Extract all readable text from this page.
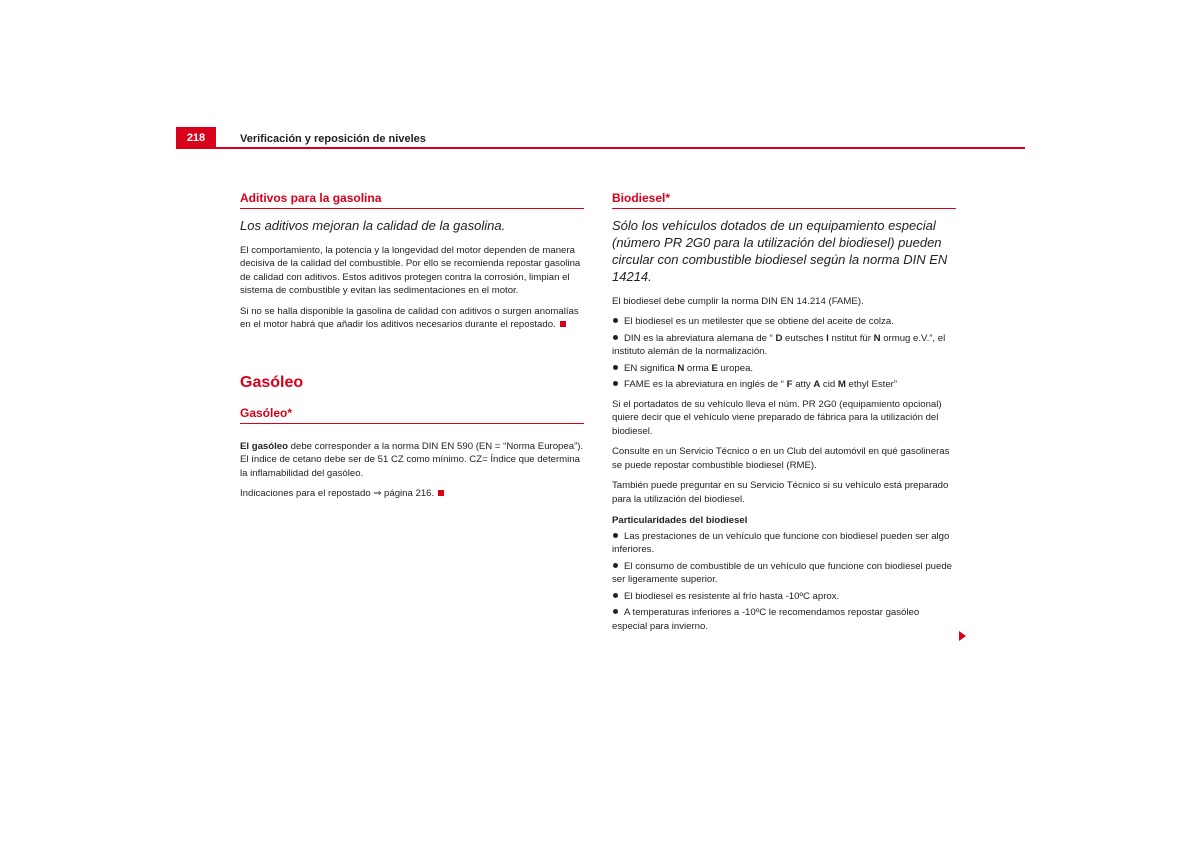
218	Verificación y reposición de niveles
Aditivos para la gasolina
Los aditivos mejoran la calidad de la gasolina.

El comportamiento, la potencia y la longevidad del motor dependen de manera decisiva de la calidad del combustible. Por ello se recomienda repostar gasolina de calidad con aditivos. Estos aditivos protegen contra la corrosión, limpian el sistema de combustible y evitan las sedimentaciones en el motor.

Si no se halla disponible la gasolina de calidad con aditivos o surgen anomalías en el motor habrá que añadir los aditivos necesarios durante el repostado.

Gasóleo
Gasóleo*

El gasóleo debe corresponder a la norma DIN EN 590 (EN = “Norma Europea”). El índice de cetano debe ser de 51 CZ como mínimo. CZ= Índice que determina la inflamabilidad del gasóleo.

Indicaciones para el repostado ⇒ página 216.

Biodiesel*
Sólo los vehículos dotados de un equipamiento especial (número PR 2G0 para la utilización del biodiesel) pueden circular con combustible biodiesel según la norma DIN EN 14214.

El biodiesel debe cumplir la norma DIN EN 14.214 (FAME).

El biodiesel es un metilester que se obtiene del aceite de colza.
DIN es la abreviatura alemana de “ D eutsches I nstitut für N ormug e.V.”, el instituto alemán de la normalización.
EN significa N orma E uropea.
FAME es la abreviatura en inglés de “ F atty A cid M ethyl Ester”

Si el portadatos de su vehículo lleva el núm. PR 2G0 (equipamiento opcional) quiere decir que el vehículo viene preparado de fábrica para la utilización del biodiesel.

Consulte en un Servicio Técnico o en un Club del automóvil en qué gasolineras se puede repostar combustible biodiesel (RME).

También puede preguntar en su Servicio Técnico si su vehículo está preparado para la utilización del biodiesel.

Particularidades del biodiesel
Las prestaciones de un vehículo que funcione con biodiesel pueden ser algo inferiores.
El consumo de combustible de un vehículo que funcione con biodiesel puede ser ligeramente superior.
El biodiesel es resistente al frío hasta -10ºC aprox.
A temperaturas inferiores a -10ºC le recomendamos repostar gasóleo especial para invierno.
